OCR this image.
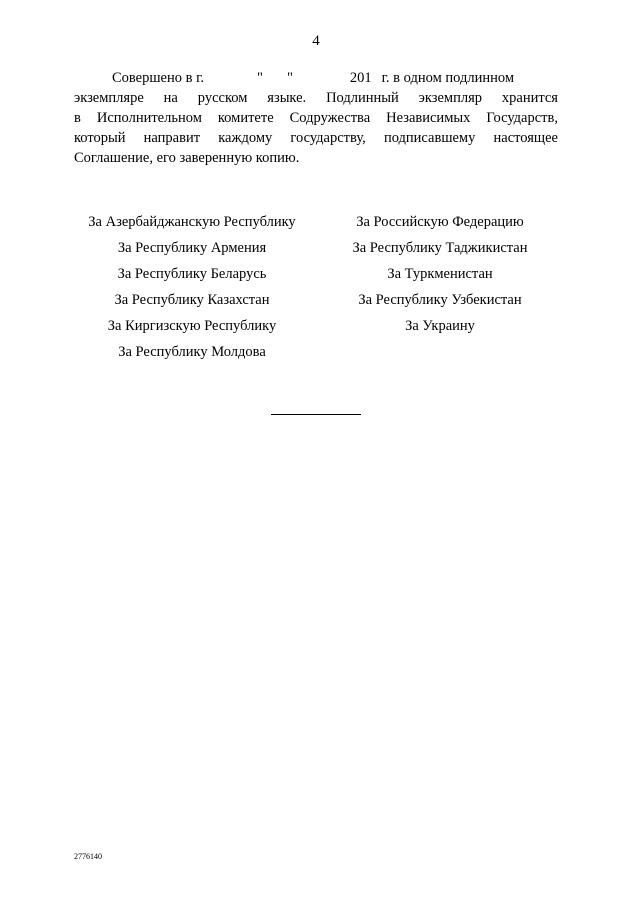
4
Совершено в г.	" "	201 г. в одном подлинном
экземпляре на русском языке. Подлинный экземпляр хранится
в Исполнительном комитете Содружества Независимых Государств,
который направит каждому государству, подписавшему настоящее
Соглашение, его заверенную копию.
За Азербайджанскую Республику
За Республику Армения
За Республику Беларусь
За Республику Казахстан
За Киргизскую Республику
За Республику Молдова
За Российскую Федерацию
За Республику Таджикистан
За Туркменистан
За Республику Узбекистан
За Украину
2776140
